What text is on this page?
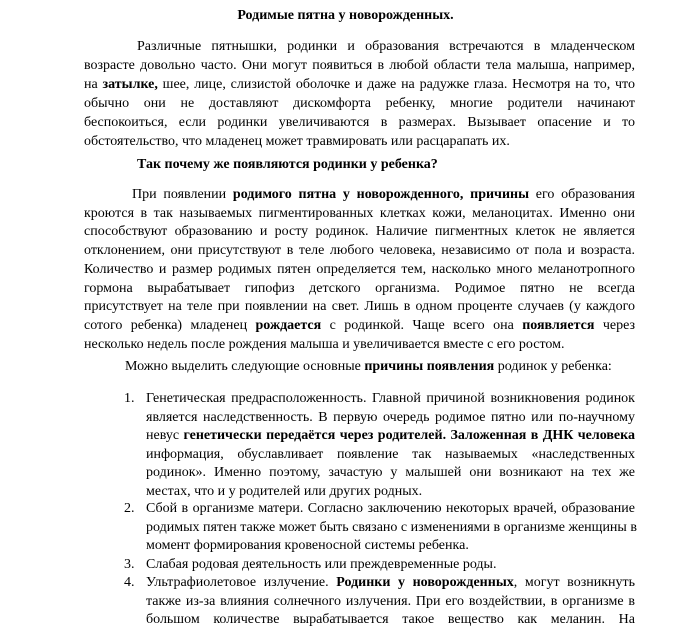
Родимые пятна у новорожденных.
Различные пятнышки, родинки и образования встречаются в младенческом
возрасте довольно часто. Они могут появиться в любой области тела малыша, например,
на затылке, шее, лице, слизистой оболочке и даже на радужке глаза. Несмотря на то, что
обычно они не доставляют дискомфорта ребенку, многие родители начинают
беспокоиться, если родинки увеличиваются в размерах. Вызывает опасение и то
обстоятельство, что младенец может травмировать или расцарапать их.
Так почему же появляются родинки у ребенка?
При появлении родимого пятна у новорожденного, причины его образования
кроются в так называемых пигментированных клетках кожи, меланоцитах. Именно они
способствуют образованию и росту родинок. Наличие пигментных клеток не является
отклонением, они присутствуют в теле любого человека, независимо от пола и возраста.
Количество и размер родимых пятен определяется тем, насколько много меланотропного
гормона вырабатывает гипофиз детского организма. Родимое пятно не всегда
присутствует на теле при появлении на свет. Лишь в одном проценте случаев (у каждого
сотого ребенка) младенец рождается с родинкой. Чаще всего она появляется через
несколько недель после рождения малыша и увеличивается вместе с его ростом.
Можно выделить следующие основные причины появления родинок у ребенка:
1. Генетическая предрасположенность. Главной причиной возникновения родинок
является наследственность. В первую очередь родимое пятно или по-научному
невус генетически передаётся через родителей. Заложенная в ДНК человека
информация, обуславливает появление так называемых «наследственных
родинок». Именно поэтому, зачастую у малышей они возникают на тех же
местах, что и у родителей или других родных.
2. Сбой в организме матери. Согласно заключению некоторых врачей, образование
родимых пятен также может быть связано с изменениями в организме женщины в
момент формирования кровеносной системы ребенка.
3. Слабая родовая деятельность или преждевременные роды.
4. Ультрафиолетовое излучение. Родинки у новорожденных, могут возникнуть
также из-за влияния солнечного излучения. При его воздействии, в организме в
большом количестве вырабатывается такое вещество как меланин. На
